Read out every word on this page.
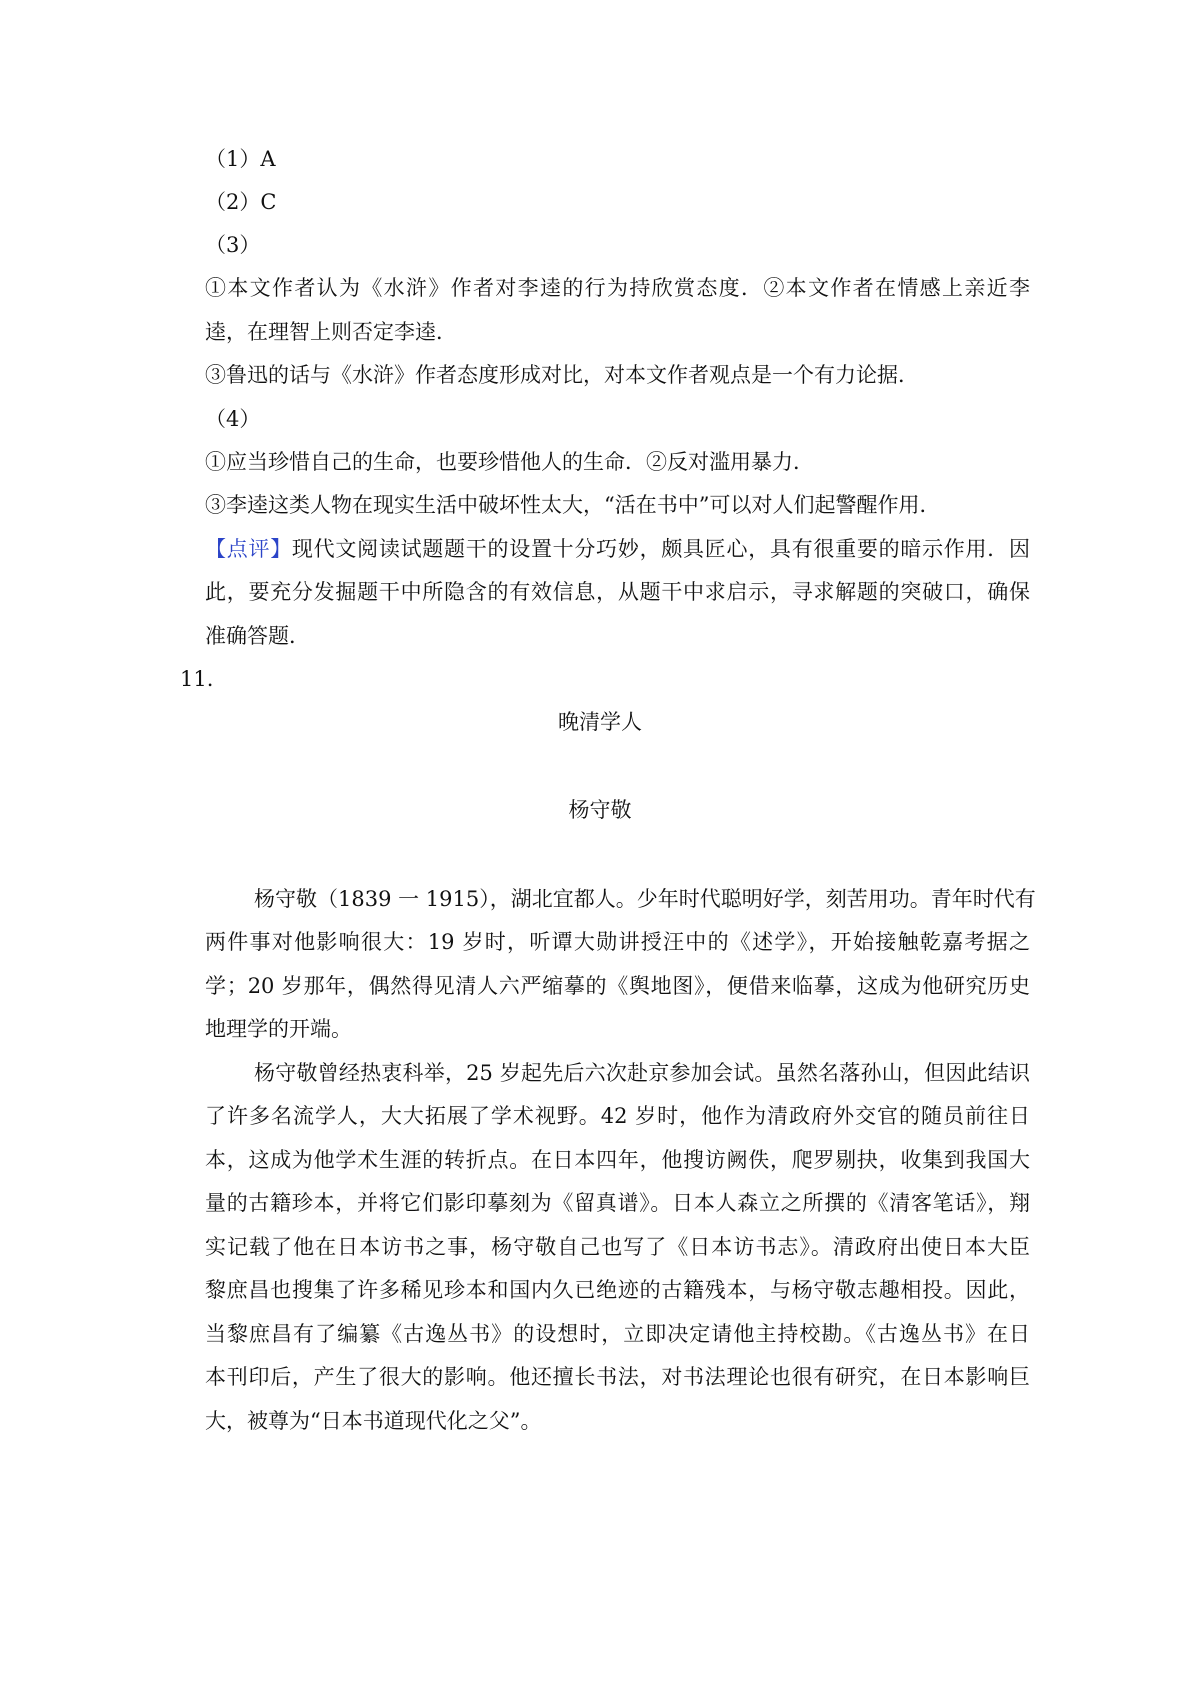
（1）A
（2）C
（3）
①本文作者认为《水浒》作者对李逵的行为持欣赏态度．②本文作者在情感上亲近李
逵，在理智上则否定李逵．
③鲁迅的话与《水浒》作者态度形成对比，对本文作者观点是一个有力论据．
（4）
①应当珍惜自己的生命，也要珍惜他人的生命．②反对滥用暴力．
③李逵这类人物在现实生活中破坏性太大，“活在书中”可以对人们起警醒作用．
【点评】现代文阅读试题题干的设置十分巧妙，颇具匠心，具有很重要的暗示作用．因
此，要充分发掘题干中所隐含的有效信息，从题干中求启示，寻求解题的突破口，确保
准确答题．
11.
晚清学人
杨守敬
杨守敬（1839 一 1915），湖北宜都人。少年时代聪明好学，刻苦用功。青年时代有
两件事对他影响很大：19 岁时，听谭大勋讲授汪中的《述学》，开始接触乾嘉考据之
学；20 岁那年，偶然得见清人六严缩摹的《舆地图》，便借来临摹，这成为他研究历史
地理学的开端。
杨守敬曾经热衷科举，25 岁起先后六次赴京参加会试。虽然名落孙山，但因此结识
了许多名流学人，大大拓展了学术视野。42 岁时，他作为清政府外交官的随员前往日
本，这成为他学术生涯的转折点。在日本四年，他搜访阙佚，爬罗剔抉，收集到我国大
量的古籍珍本，并将它们影印摹刻为《留真谱》。日本人森立之所撰的《清客笔话》，翔
实记载了他在日本访书之事，杨守敬自己也写了《日本访书志》。清政府出使日本大臣
黎庶昌也搜集了许多稀见珍本和国内久已绝迹的古籍残本，与杨守敬志趣相投。因此，
当黎庶昌有了编纂《古逸丛书》的设想时，立即决定请他主持校勘。《古逸丛书》在日
本刊印后，产生了很大的影响。他还擅长书法，对书法理论也很有研究，在日本影响巨
大，被尊为“日本书道现代化之父”。
